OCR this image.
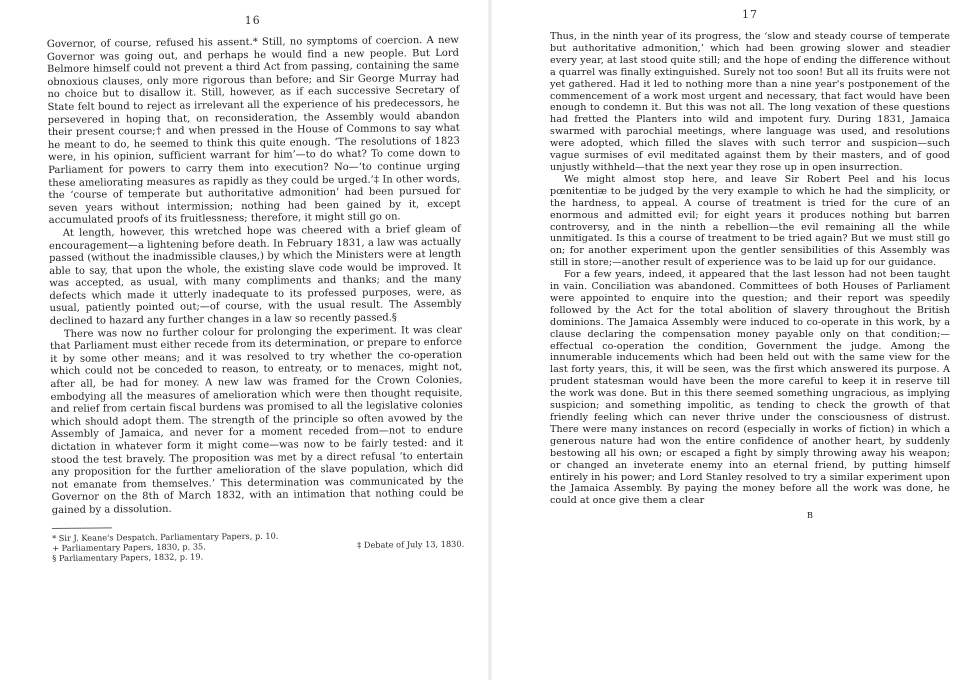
16

Governor, of course, refused his assent.* Still, no symptoms of coercion. A new Governor was going out, and perhaps he would find a new people. But Lord Belmore himself could not prevent a third Act from passing, containing the same obnoxious clauses, only more rigorous than before; and Sir George Murray had no choice but to disallow it. Still, however, as if each successive Secretary of State felt bound to reject as irrelevant all the experience of his predecessors, he persevered in hoping that, on reconsideration, the Assembly would abandon their present course;† and when pressed in the House of Commons to say what he meant to do, he seemed to think this quite enough. ‘The resolutions of 1823 were, in his opinion, sufficient warrant for him’—to do what? To come down to Parliament for powers to carry them into execution? No—‘to continue urging these ameliorating measures as rapidly as they could be urged.’‡ In other words, the ‘course of temperate but authoritative admonition’ had been pursued for seven years without intermission; nothing had been gained by it, except accumulated proofs of its fruitlessness; therefore, it might still go on.

At length, however, this wretched hope was cheered with a brief gleam of encouragement—a lightening before death. In February 1831, a law was actually passed (without the inadmissible clauses,) by which the Ministers were at length able to say, that upon the whole, the existing slave code would be improved. It was accepted, as usual, with many compliments and thanks; and the many defects which made it utterly inadequate to its professed purposes, were, as usual, patiently pointed out;—of course, with the usual result. The Assembly declined to hazard any further changes in a law so recently passed.§

There was now no further colour for prolonging the experiment. It was clear that Parliament must either recede from its determination, or prepare to enforce it by some other means; and it was resolved to try whether the co-operation which could not be conceded to reason, to entreaty, or to menaces, might not, after all, be had for money. A new law was framed for the Crown Colonies, embodying all the measures of amelioration which were then thought requisite, and relief from certain fiscal burdens was promised to all the legislative colonies which should adopt them. The strength of the principle so often avowed by the Assembly of Jamaica, and never for a moment receded from—not to endure dictation in whatever form it might come—was now to be fairly tested: and it stood the test bravely. The proposition was met by a direct refusal ‘to entertain any proposition for the further amelioration of the slave population, which did not emanate from themselves.’ This determination was communicated by the Governor on the 8th of March 1832, with an intimation that nothing could be gained by a dissolution.

* Sir J. Keane's Despatch. Parliamentary Papers, p. 10.
+ Parliamentary Papers, 1830, p. 35.	‡ Debate of July 13, 1830.
§ Parliamentary Papers, 1832, p. 19.
17

Thus, in the ninth year of its progress, the ‘slow and steady course of temperate but authoritative admonition,’ which had been growing slower and steadier every year, at last stood quite still; and the hope of ending the difference without a quarrel was finally extinguished. Surely not too soon! But all its fruits were not yet gathered. Had it led to nothing more than a nine year's postponement of the commencement of a work most urgent and necessary, that fact would have been enough to condemn it. But this was not all. The long vexation of these questions had fretted the Planters into wild and impotent fury. During 1831, Jamaica swarmed with parochial meetings, where language was used, and resolutions were adopted, which filled the slaves with such terror and suspicion—such vague surmises of evil meditated against them by their masters, and of good unjustly withheld—that the next year they rose up in open insurrection.

We might almost stop here, and leave Sir Robert Peel and his locus pœnitentiæ to be judged by the very example to which he had the simplicity, or the hardness, to appeal. A course of treatment is tried for the cure of an enormous and admitted evil; for eight years it produces nothing but barren controversy, and in the ninth a rebellion—the evil remaining all the while unmitigated. Is this a course of treatment to be tried again? But we must still go on; for another experiment upon the gentler sensibilities of this Assembly was still in store;—another result of experience was to be laid up for our guidance.

For a few years, indeed, it appeared that the last lesson had not been taught in vain. Conciliation was abandoned. Committees of both Houses of Parliament were appointed to enquire into the question; and their report was speedily followed by the Act for the total abolition of slavery throughout the British dominions. The Jamaica Assembly were induced to co-operate in this work, by a clause declaring the compensation money payable only on that condition;—effectual co-operation the condition, Government the judge. Among the innumerable inducements which had been held out with the same view for the last forty years, this, it will be seen, was the first which answered its purpose. A prudent statesman would have been the more careful to keep it in reserve till the work was done. But in this there seemed something ungracious, as implying suspicion; and something impolitic, as tending to check the growth of that friendly feeling which can never thrive under the consciousness of distrust. There were many instances on record (especially in works of fiction) in which a generous nature had won the entire confidence of another heart, by suddenly bestowing all his own; or escaped a fight by simply throwing away his weapon; or changed an inveterate enemy into an eternal friend, by putting himself entirely in his power; and Lord Stanley resolved to try a similar experiment upon the Jamaica Assembly. By paying the money before all the work was done, he could at once give them a clear

B
